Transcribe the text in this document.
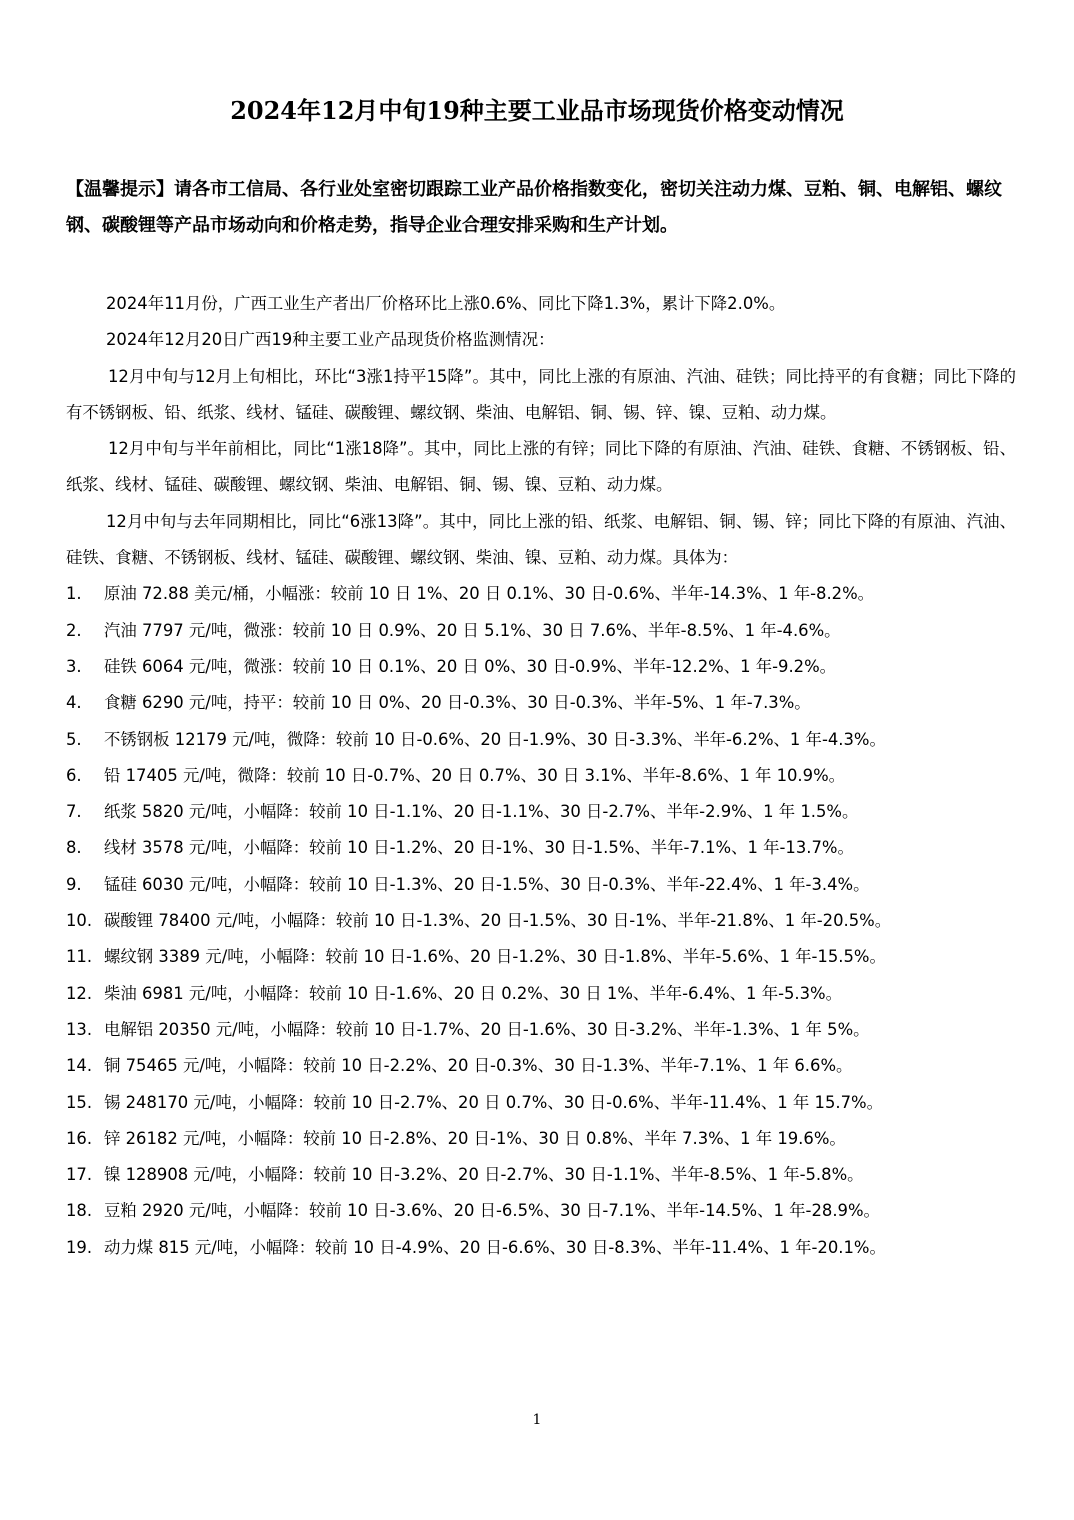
2024年12月中旬19种主要工业品市场现货价格变动情况
【温馨提示】请各市工信局、各行业处室密切跟踪工业产品价格指数变化，密切关注动力煤、豆粕、铜、电解铝、螺纹钢、碳酸锂等产品市场动向和价格走势，指导企业合理安排采购和生产计划。

2024年11月份，广西工业生产者出厂价格环比上涨0.6%、同比下降1.3%，累计下降2.0%。

2024年12月20日广西19种主要工业产品现货价格监测情况：

12月中旬与12月上旬相比，环比“3涨1持平15降”。其中，同比上涨的有原油、汽油、硅铁；同比持平的有食糖；同比下降的有不锈钢板、铅、纸浆、线材、锰硅、碳酸锂、螺纹钢、柴油、电解铝、铜、锡、锌、镍、豆粕、动力煤。

12月中旬与半年前相比，同比“1涨18降”。其中，同比上涨的有锌；同比下降的有原油、汽油、硅铁、食糖、不锈钢板、铅、纸浆、线材、锰硅、碳酸锂、螺纹钢、柴油、电解铝、铜、锡、镍、豆粕、动力煤。

12月中旬与去年同期相比，同比“6涨13降”。其中，同比上涨的铅、纸浆、电解铝、铜、锡、锌；同比下降的有原油、汽油、硅铁、食糖、不锈钢板、线材、锰硅、碳酸锂、螺纹钢、柴油、镍、豆粕、动力煤。具体为：

1.	原油 72.88 美元/桶，小幅涨：较前 10 日 1%、20 日 0.1%、30 日-0.6%、半年-14.3%、1 年-8.2%。
2.	汽油 7797 元/吨，微涨：较前 10 日 0.9%、20 日 5.1%、30 日 7.6%、半年-8.5%、1 年-4.6%。
3.	硅铁 6064 元/吨，微涨：较前 10 日 0.1%、20 日 0%、30 日-0.9%、半年-12.2%、1 年-9.2%。
4.	食糖 6290 元/吨，持平：较前 10 日 0%、20 日-0.3%、30 日-0.3%、半年-5%、1 年-7.3%。
5.	不锈钢板 12179 元/吨，微降：较前 10 日-0.6%、20 日-1.9%、30 日-3.3%、半年-6.2%、1 年-4.3%。
6.	铅 17405 元/吨，微降：较前 10 日-0.7%、20 日 0.7%、30 日 3.1%、半年-8.6%、1 年 10.9%。
7.	纸浆 5820 元/吨，小幅降：较前 10 日-1.1%、20 日-1.1%、30 日-2.7%、半年-2.9%、1 年 1.5%。
8.	线材 3578 元/吨，小幅降：较前 10 日-1.2%、20 日-1%、30 日-1.5%、半年-7.1%、1 年-13.7%。
9.	锰硅 6030 元/吨，小幅降：较前 10 日-1.3%、20 日-1.5%、30 日-0.3%、半年-22.4%、1 年-3.4%。
10. 碳酸锂 78400 元/吨，小幅降：较前 10 日-1.3%、20 日-1.5%、30 日-1%、半年-21.8%、1 年-20.5%。
11. 螺纹钢 3389 元/吨，小幅降：较前 10 日-1.6%、20 日-1.2%、30 日-1.8%、半年-5.6%、1 年-15.5%。
12. 柴油 6981 元/吨，小幅降：较前 10 日-1.6%、20 日 0.2%、30 日 1%、半年-6.4%、1 年-5.3%。
13. 电解铝 20350 元/吨，小幅降：较前 10 日-1.7%、20 日-1.6%、30 日-3.2%、半年-1.3%、1 年 5%。
14. 铜 75465 元/吨，小幅降：较前 10 日-2.2%、20 日-0.3%、30 日-1.3%、半年-7.1%、1 年 6.6%。
15. 锡 248170 元/吨，小幅降：较前 10 日-2.7%、20 日 0.7%、30 日-0.6%、半年-11.4%、1 年 15.7%。
16. 锌 26182 元/吨，小幅降：较前 10 日-2.8%、20 日-1%、30 日 0.8%、半年 7.3%、1 年 19.6%。
17. 镍 128908 元/吨，小幅降：较前 10 日-3.2%、20 日-2.7%、30 日-1.1%、半年-8.5%、1 年-5.8%。
18. 豆粕 2920 元/吨，小幅降：较前 10 日-3.6%、20 日-6.5%、30 日-7.1%、半年-14.5%、1 年-28.9%。
19. 动力煤 815 元/吨，小幅降：较前 10 日-4.9%、20 日-6.6%、30 日-8.3%、半年-11.4%、1 年-20.1%。
1
